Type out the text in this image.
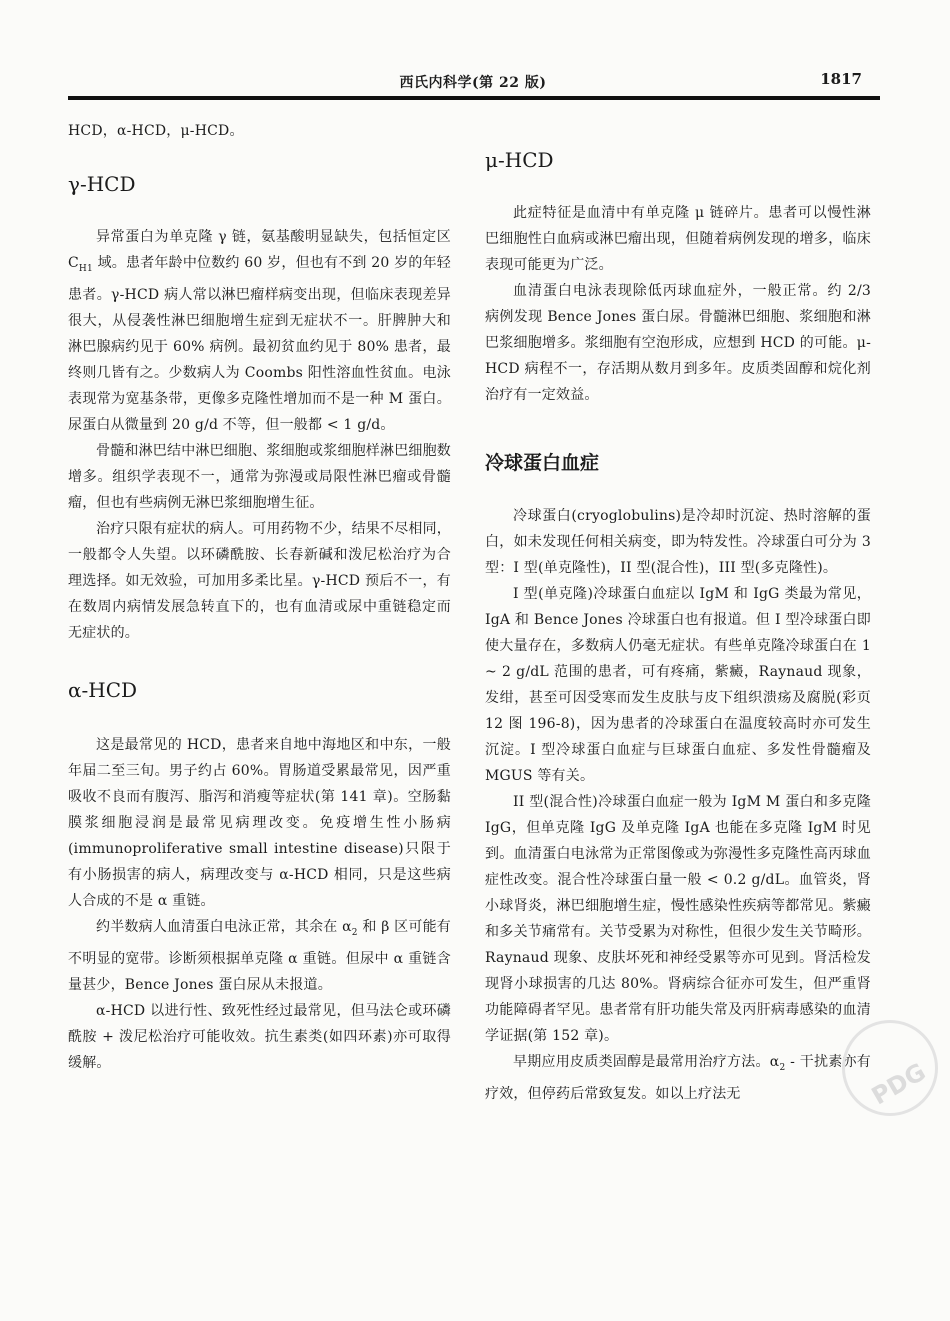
西氏内科学(第 22 版)	1817

HCD，α-HCD，μ-HCD。

γ-HCD

异常蛋白为单克隆 γ 链，氨基酸明显缺失，包括恒定区 $C_{H1}$ 域。患者年龄中位数约 60 岁，但也有不到 20 岁的年轻患者。γ-HCD 病人常以淋巴瘤样病变出现，但临床表现差异很大，从侵袭性淋巴细胞增生症到无症状不一。肝脾肿大和淋巴腺病约见于 60% 病例。最初贫血约见于 80% 患者，最终则几皆有之。少数病人为 Coombs 阳性溶血性贫血。电泳表现常为宽基条带，更像多克隆性增加而不是一种 M 蛋白。尿蛋白从微量到 20 g/d 不等，但一般都 < 1 g/d。

骨髓和淋巴结中淋巴细胞、浆细胞或浆细胞样淋巴细胞数增多。组织学表现不一，通常为弥漫或局限性淋巴瘤或骨髓瘤，但也有些病例无淋巴浆细胞增生征。

治疗只限有症状的病人。可用药物不少，结果不尽相同，一般都令人失望。以环磷酰胺、长春新碱和泼尼松治疗为合理选择。如无效验，可加用多柔比星。γ-HCD 预后不一，有在数周内病情发展急转直下的，也有血清或尿中重链稳定而无症状的。

α-HCD

这是最常见的 HCD，患者来自地中海地区和中东，一般年届二至三旬。男子约占 60%。胃肠道受累最常见，因严重吸收不良而有腹泻、脂泻和消瘦等症状(第 141 章)。空肠黏膜浆细胞浸润是最常见病理改变。免疫增生性小肠病(immunoproliferative small intestine disease)只限于有小肠损害的病人，病理改变与 α-HCD 相同，只是这些病人合成的不是 α 重链。

约半数病人血清蛋白电泳正常，其余在 $\alpha_2$ 和 β 区可能有不明显的宽带。诊断须根据单克隆 α 重链。但尿中 α 重链含量甚少，Bence Jones 蛋白尿从未报道。

α-HCD 以进行性、致死性经过最常见，但马法仑或环磷酰胺 + 泼尼松治疗可能收效。抗生素类(如四环素)亦可取得缓解。

μ-HCD

此症特征是血清中有单克隆 μ 链碎片。患者可以慢性淋巴细胞性白血病或淋巴瘤出现，但随着病例发现的增多，临床表现可能更为广泛。

血清蛋白电泳表现除低丙球血症外，一般正常。约 2/3 病例发现 Bence Jones 蛋白尿。骨髓淋巴细胞、浆细胞和淋巴浆细胞增多。浆细胞有空泡形成，应想到 HCD 的可能。μ-HCD 病程不一，存活期从数月到多年。皮质类固醇和烷化剂治疗有一定效益。

冷球蛋白血症

冷球蛋白(cryoglobulins)是冷却时沉淀、热时溶解的蛋白，如未发现任何相关病变，即为特发性。冷球蛋白可分为 3 型：I 型(单克隆性)，II 型(混合性)，III 型(多克隆性)。

I 型(单克隆)冷球蛋白血症以 IgM 和 IgG 类最为常见，IgA 和 Bence Jones 冷球蛋白也有报道。但 I 型冷球蛋白即使大量存在，多数病人仍毫无症状。有些单克隆冷球蛋白在 1 ~ 2 g/dL 范围的患者，可有疼痛，紫癜，Raynaud 现象，发绀，甚至可因受寒而发生皮肤与皮下组织溃疡及腐脱(彩页 12 图 196-8)，因为患者的冷球蛋白在温度较高时亦可发生沉淀。I 型冷球蛋白血症与巨球蛋白血症、多发性骨髓瘤及 MGUS 等有关。

II 型(混合性)冷球蛋白血症一般为 IgM M 蛋白和多克隆 IgG，但单克隆 IgG 及单克隆 IgA 也能在多克隆 IgM 时见到。血清蛋白电泳常为正常图像或为弥漫性多克隆性高丙球血症性改变。混合性冷球蛋白量一般 < 0.2 g/dL。血管炎，肾小球肾炎，淋巴细胞增生症，慢性感染性疾病等都常见。紫癜和多关节痛常有。关节受累为对称性，但很少发生关节畸形。Raynaud 现象、皮肤坏死和神经受累等亦可见到。肾活检发现肾小球损害的几达 80%。肾病综合征亦可发生，但严重肾功能障碍者罕见。患者常有肝功能失常及丙肝病毒感染的血清学证据(第 152 章)。

早期应用皮质类固醇是最常用治疗方法。$\alpha_2$ - 干扰素亦有疗效，但停药后常致复发。如以上疗法无	PDG
